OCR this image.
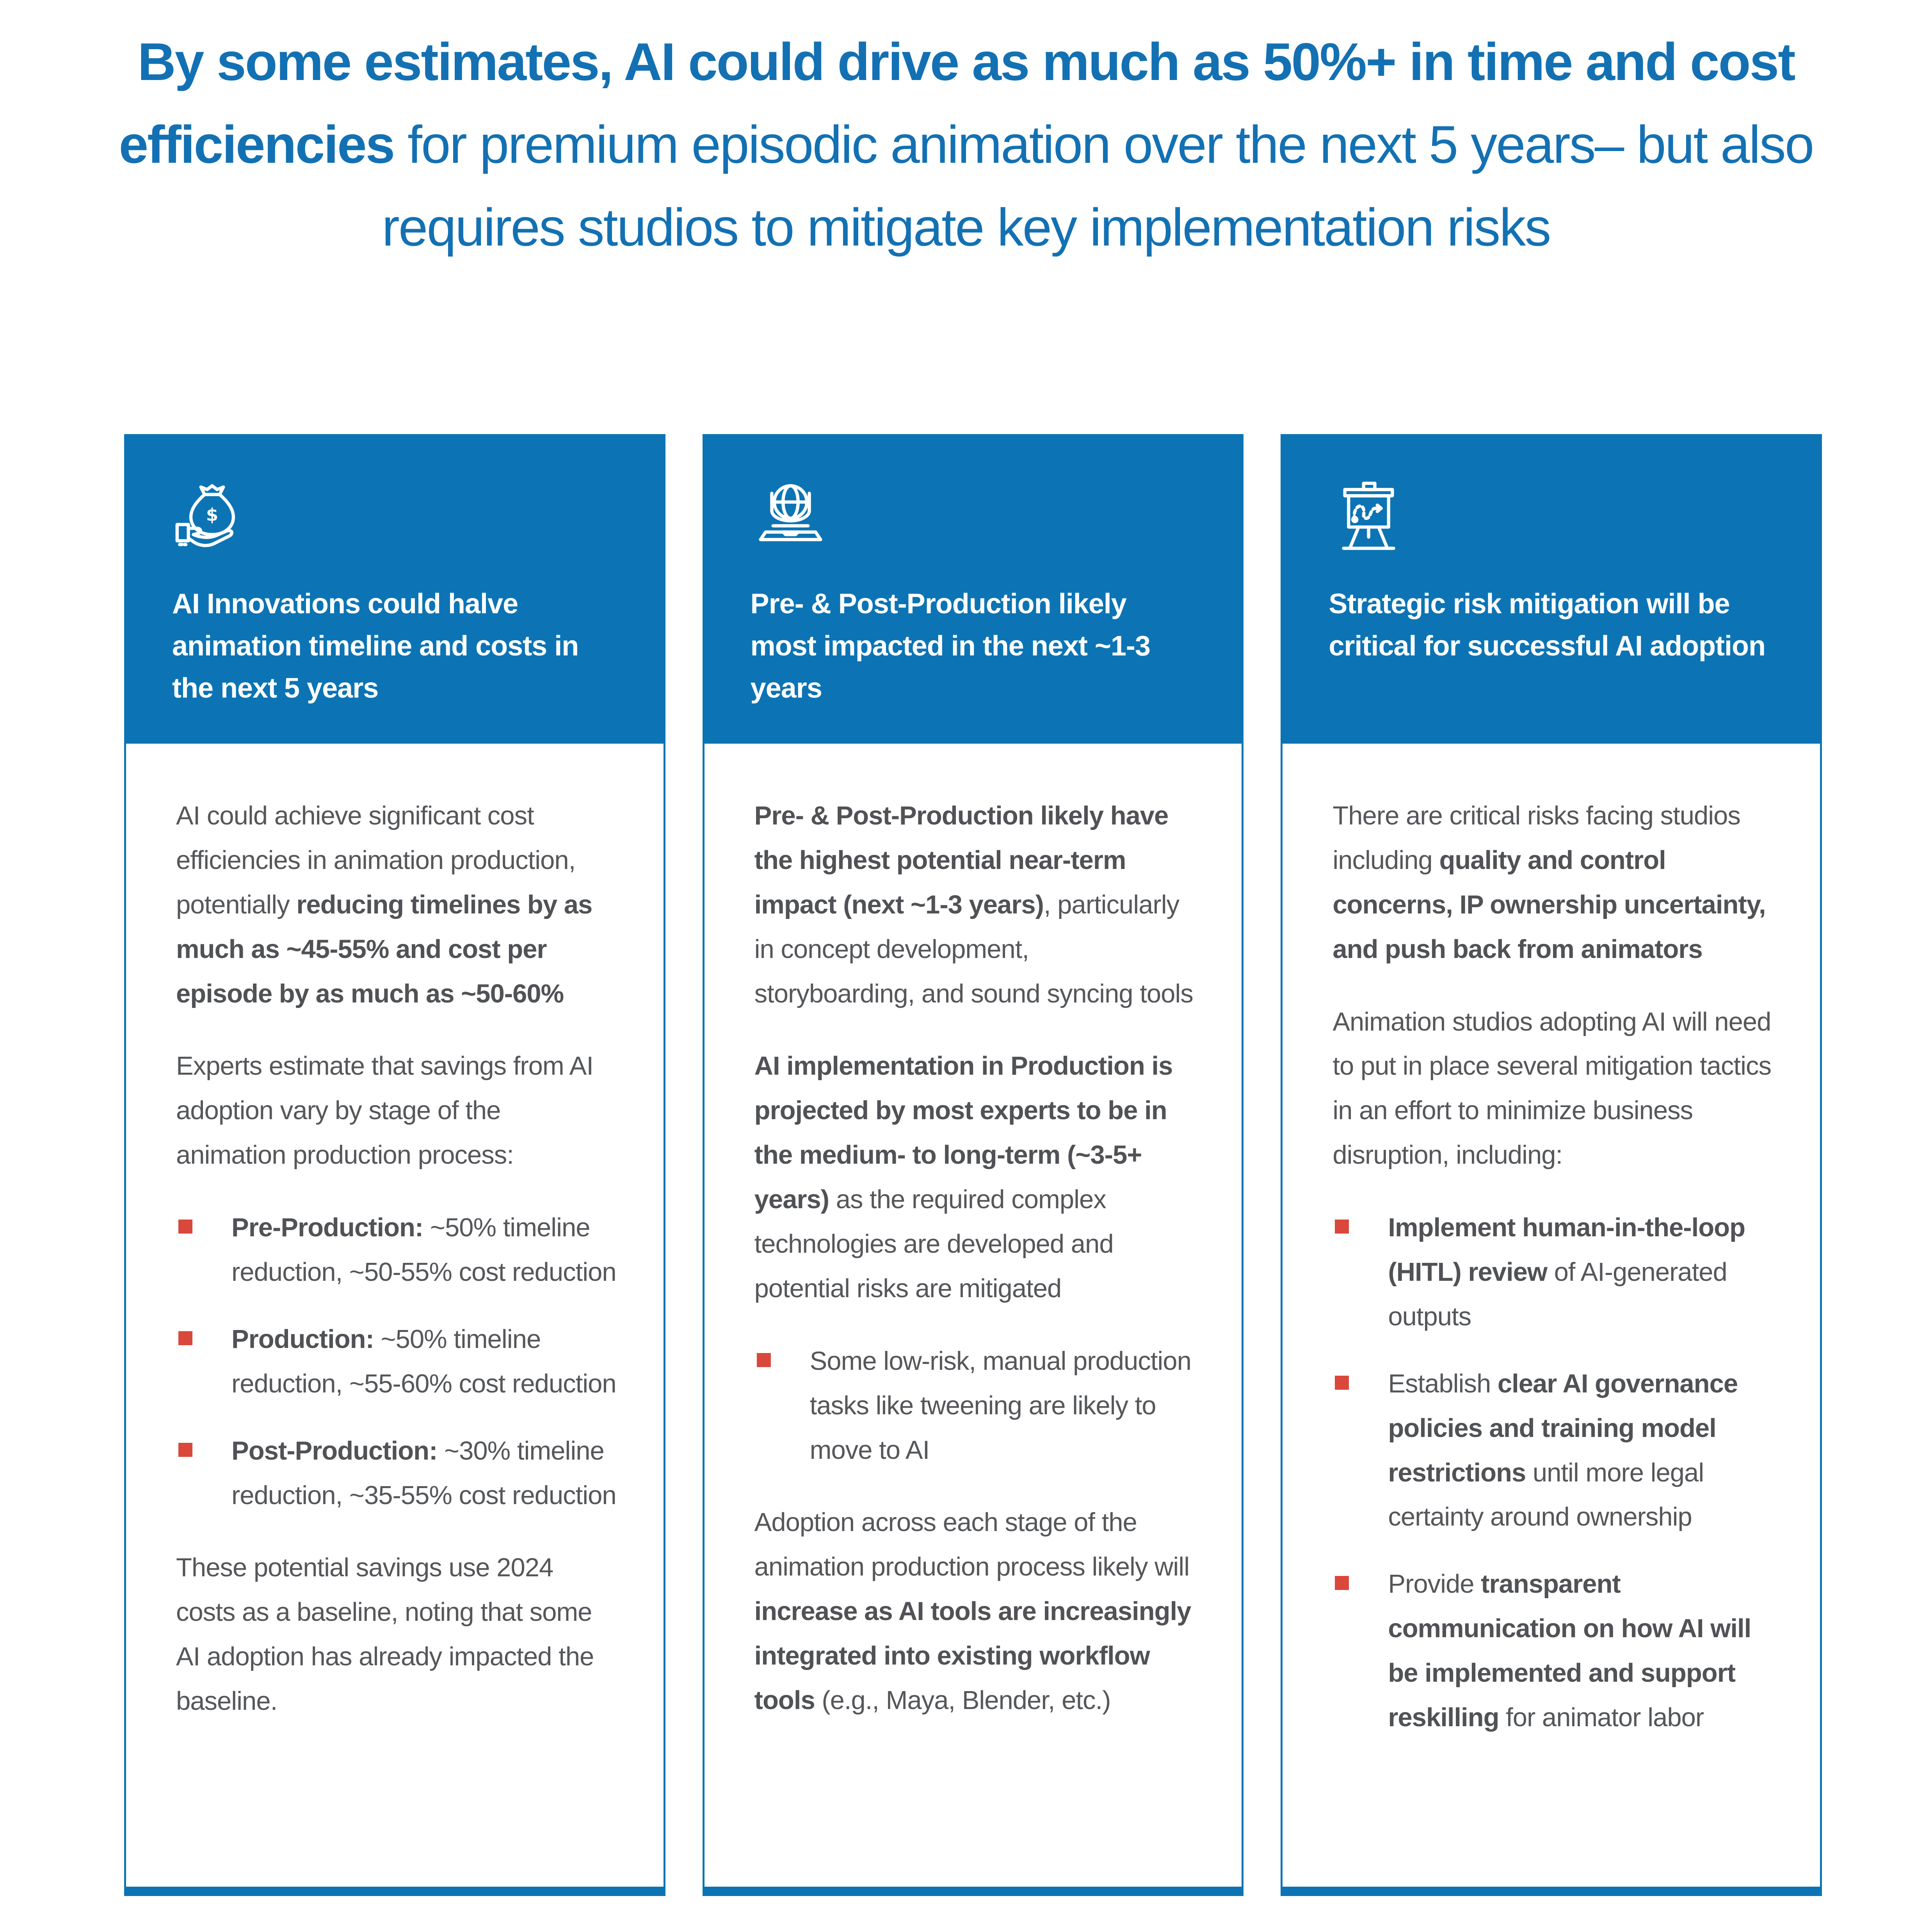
By some estimates, AI could drive as much as 50%+ in time and cost efficiencies for premium episodic animation over the next 5 years– but also requires studios to mitigate key implementation risks
$
AI Innovations could halve animation timeline and costs in the next 5 years

AI could achieve significant cost efficiencies in animation production, potentially reducing timelines by as much as ~45-55% and cost per episode by as much as ~50-60%

Experts estimate that savings from AI adoption vary by stage of the animation production process:

Pre-Production: ~50% timeline reduction, ~50-55% cost reduction
Production: ~50% timeline reduction, ~55-60% cost reduction
Post-Production: ~30% timeline reduction, ~35-55% cost reduction

These potential savings use 2024 costs as a baseline, noting that some AI adoption has already impacted the baseline.

Pre- & Post-Production likely most impacted in the next ~1-3 years

Pre- & Post-Production likely have the highest potential near-term impact (next ~1-3 years), particularly in concept development, storyboarding, and sound syncing tools

AI implementation in Production is projected by most experts to be in the medium- to long-term (~3-5+ years) as the required complex technologies are developed and potential risks are mitigated

Some low-risk, manual production tasks like tweening are likely to move to AI

Adoption across each stage of the animation production process likely will increase as AI tools are increasingly integrated into existing workflow tools (e.g., Maya, Blender, etc.)

Strategic risk mitigation will be critical for successful AI adoption

There are critical risks facing studios including quality and control concerns, IP ownership uncertainty, and push back from animators

Animation studios adopting AI will need to put in place several mitigation tactics in an effort to minimize business disruption, including:

Implement human-in-the-loop (HITL) review of AI-generated outputs
Establish clear AI governance policies and training model restrictions until more legal certainty around ownership
Provide transparent communication on how AI will be implemented and support reskilling for animator labor
